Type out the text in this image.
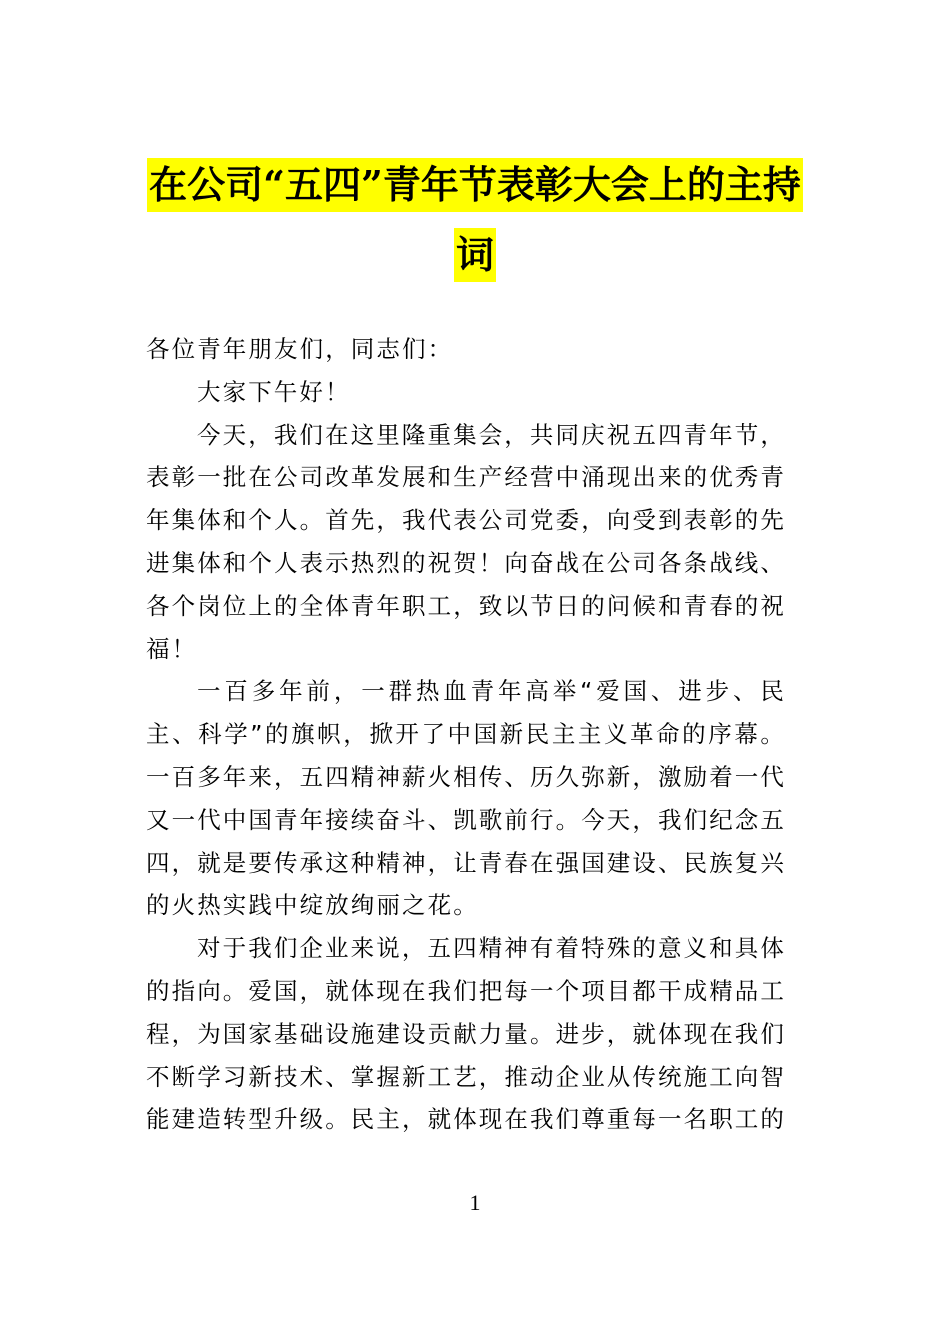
在公司“五四”青年节表彰大会上的主持
词

各位青年朋友们，同志们：

大家下午好！

今天，我们在这里隆重集会，共同庆祝五四青年节，表彰一批在公司改革发展和生产经营中涌现出来的优秀青年集体和个人。首先，我代表公司党委，向受到表彰的先进集体和个人表示热烈的祝贺！向奋战在公司各条战线、各个岗位上的全体青年职工，致以节日的问候和青春的祝福！

一百多年前，一群热血青年高举“爱国、进步、民主、科学”的旗帜，掀开了中国新民主主义革命的序幕。一百多年来，五四精神薪火相传、历久弥新，激励着一代又一代中国青年接续奋斗、凯歌前行。今天，我们纪念五四，就是要传承这种精神，让青春在强国建设、民族复兴的火热实践中绽放绚丽之花。

对于我们企业来说，五四精神有着特殊的意义和具体的指向。爱国，就体现在我们把每一个项目都干成精品工程，为国家基础设施建设贡献力量。进步，就体现在我们不断学习新技术、掌握新工艺，推动企业从传统施工向智能建造转型升级。民主，就体现在我们尊重每一名职工的

1
